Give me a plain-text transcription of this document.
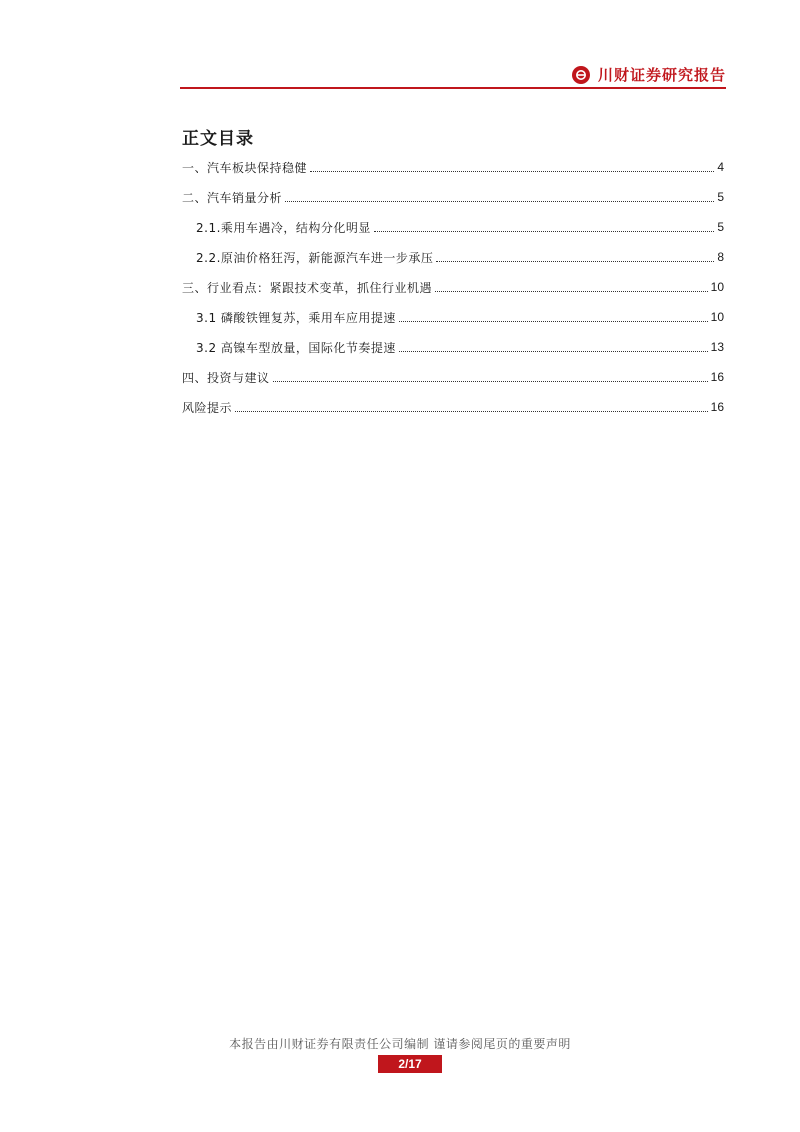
川财证券研究报告
正文目录
一、汽车板块保持稳健	4
二、汽车销量分析	5
2.1.乘用车遇冷，结构分化明显	5
2.2.原油价格狂泻，新能源汽车进一步承压	8
三、行业看点：紧跟技术变革，抓住行业机遇	10
3.1 磷酸铁锂复苏，乘用车应用提速	10
3.2 高镍车型放量，国际化节奏提速	13
四、投资与建议	16
风险提示	16
本报告由川财证券有限责任公司编制 谨请参阅尾页的重要声明
2/17
